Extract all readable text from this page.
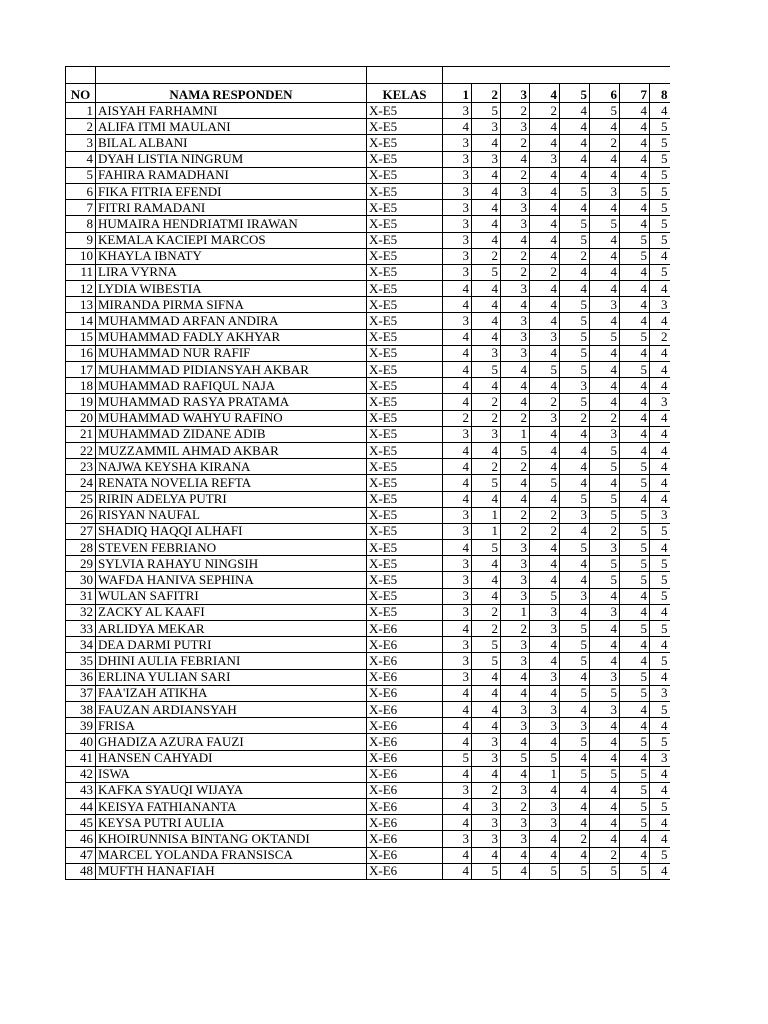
NO	NAMA RESPONDEN	KELAS	1	2	3	4	5	6	7	8
1	AISYAH FARHAMNI	X-E5	3	5	2	2	4	5	4	4
2	ALIFA ITMI MAULANI	X-E5	4	3	3	4	4	4	4	5
3	BILAL ALBANI	X-E5	3	4	2	4	4	2	4	5
4	DYAH LISTIA NINGRUM	X-E5	3	3	4	3	4	4	4	5
5	FAHIRA RAMADHANI	X-E5	3	4	2	4	4	4	4	5
6	FIKA FITRIA EFENDI	X-E5	3	4	3	4	5	3	5	5
7	FITRI RAMADANI	X-E5	3	4	3	4	4	4	4	5
8	HUMAIRA HENDRIATMI IRAWAN	X-E5	3	4	3	4	5	5	4	5
9	KEMALA KACIEPI MARCOS	X-E5	3	4	4	4	5	4	5	5
10	KHAYLA IBNATY	X-E5	3	2	2	4	2	4	5	4
11	LIRA VYRNA	X-E5	3	5	2	2	4	4	4	5
12	LYDIA WIBESTIA	X-E5	4	4	3	4	4	4	4	4
13	MIRANDA PIRMA SIFNA	X-E5	4	4	4	4	5	3	4	3
14	MUHAMMAD ARFAN ANDIRA	X-E5	3	4	3	4	5	4	4	4
15	MUHAMMAD FADLY AKHYAR	X-E5	4	4	3	3	5	5	5	2
16	MUHAMMAD NUR RAFIF	X-E5	4	3	3	4	5	4	4	4
17	MUHAMMAD PIDIANSYAH AKBAR	X-E5	4	5	4	5	5	4	5	4
18	MUHAMMAD RAFIQUL NAJA	X-E5	4	4	4	4	3	4	4	4
19	MUHAMMAD RASYA PRATAMA	X-E5	4	2	4	2	5	4	4	3
20	MUHAMMAD WAHYU RAFINO	X-E5	2	2	2	3	2	2	4	4
21	MUHAMMAD ZIDANE ADIB	X-E5	3	3	1	4	4	3	4	4
22	MUZZAMMIL AHMAD AKBAR	X-E5	4	4	5	4	4	5	4	4
23	NAJWA KEYSHA KIRANA	X-E5	4	2	2	4	4	5	5	4
24	RENATA NOVELIA REFTA	X-E5	4	5	4	5	4	4	5	4
25	RIRIN ADELYA PUTRI	X-E5	4	4	4	4	5	5	4	4
26	RISYAN NAUFAL	X-E5	3	1	2	2	3	5	5	3
27	SHADIQ HAQQI ALHAFI	X-E5	3	1	2	2	4	2	5	5
28	STEVEN FEBRIANO	X-E5	4	5	3	4	5	3	5	4
29	SYLVIA RAHAYU NINGSIH	X-E5	3	4	3	4	4	5	5	5
30	WAFDA HANIVA SEPHINA	X-E5	3	4	3	4	4	5	5	5
31	WULAN SAFITRI	X-E5	3	4	3	5	3	4	4	5
32	ZACKY AL KAAFI	X-E5	3	2	1	3	4	3	4	4
33	ARLIDYA MEKAR	X-E6	4	2	2	3	5	4	5	5
34	DEA DARMI PUTRI	X-E6	3	5	3	4	5	4	4	4
35	DHINI AULIA FEBRIANI	X-E6	3	5	3	4	5	4	4	5
36	ERLINA YULIAN SARI	X-E6	3	4	4	3	4	3	5	4
37	FAA'IZAH ATIKHA	X-E6	4	4	4	4	5	5	5	3
38	FAUZAN ARDIANSYAH	X-E6	4	4	3	3	4	3	4	5
39	FRISA	X-E6	4	4	3	3	3	4	4	4
40	GHADIZA AZURA FAUZI	X-E6	4	3	4	4	5	4	5	5
41	HANSEN CAHYADI	X-E6	5	3	5	5	4	4	4	3
42	ISWA	X-E6	4	4	4	1	5	5	5	4
43	KAFKA SYAUQI WIJAYA	X-E6	3	2	3	4	4	4	5	4
44	KEISYA FATHIANANTA	X-E6	4	3	2	3	4	4	5	5
45	KEYSA PUTRI AULIA	X-E6	4	3	3	3	4	4	5	4
46	KHOIRUNNISA BINTANG OKTANDI	X-E6	3	3	3	4	2	4	4	4
47	MARCEL YOLANDA FRANSISCA	X-E6	4	4	4	4	4	2	4	5
48	MUFTH HANAFIAH	X-E6	4	5	4	5	5	5	5	4
